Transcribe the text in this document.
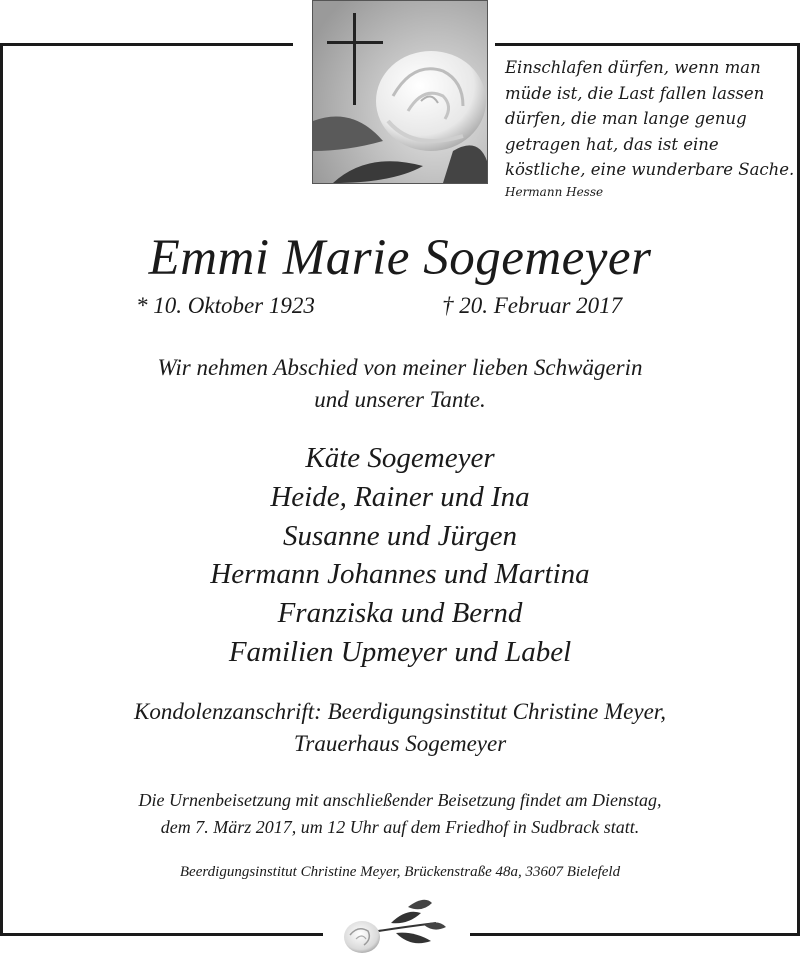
Einschlafen dürfen, wenn man
müde ist, die Last fallen lassen
dürfen, die man lange genug
getragen hat, das ist eine
köstliche, eine wunderbare Sache.
Hermann Hesse
Emmi Marie Sogemeyer
* 10. Oktober 1923	† 20. Februar 2017
Wir nehmen Abschied von meiner lieben Schwägerin
und unserer Tante.
Käte Sogemeyer
Heide, Rainer und Ina
Susanne und Jürgen
Hermann Johannes und Martina
Franziska und Bernd
Familien Upmeyer und Label
Kondolenzanschrift: Beerdigungsinstitut Christine Meyer,
Trauerhaus Sogemeyer
Die Urnenbeisetzung mit anschließender Beisetzung findet am Dienstag,
dem 7. März 2017, um 12 Uhr auf dem Friedhof in Sudbrack statt.
Beerdigungsinstitut Christine Meyer, Brückenstraße 48a, 33607 Bielefeld
